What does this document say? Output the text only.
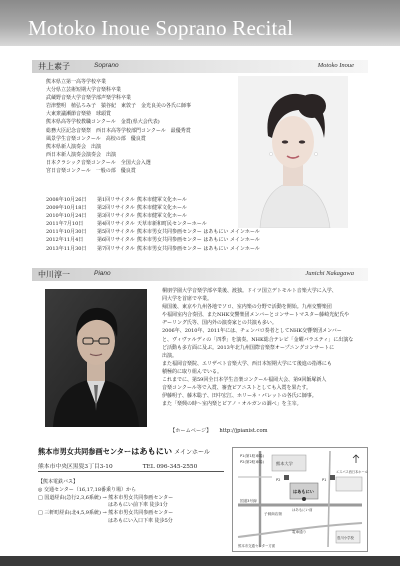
Motoko Inoue Soprano Recital
井上素子	Soprano	Motoko Inoue
熊本県立第一高等学校卒業
大分県立芸術短期大学音楽科卒業
武蔵野音楽大学音楽学部声楽学科卒業
岩津整明　植弘ろみ子　猿谷紀　東敦子　金光良美の各氏に師事
大東衆議瀬節音楽塾　球頭賞
熊本県高等学校教職コンクール　金賞(県大会代表)
総務大臣記念音楽祭　西日本高等学校部門コンクール　最優秀賞
風景学生音楽コンクール　高校の部　優良賞
熊本県新人演奏会　出演
西日本新人演奏会演奏会　出演
日本クラシック音楽コンクール　全国大会入選
宮日音楽コンクール　一般の部　優良賞
2008年10月26日	第1回リサイタル 熊本市健軍文化ホール
2009年10月18日	第2回リサイタル 熊本市健軍文化ホール
2010年10月24日	第3回リサイタル 熊本市健軍文化ホール
2011年7月10日	第4回リサイタル 天草市新和町民センターホール
2011年10月30日	第5回リサイタル 熊本市男女共同参画センター はあもにい メインホール
2012年11月4日	第6回リサイタル 熊本市男女共同参画センター はあもにい メインホール
2013年11月30日	第7回リサイタル 熊本市男女共同参画センター はあもにい メインホール
中川淳一	Piano	Junichi Nakagawa

桐朋学園大学音楽学部卒業後、渡独。ドイツ国立デトモルト音楽大学に入学、

同大学を首席で卒業。

帰国後、東京や九州各地でソロ、室内楽の分野で活動を開始。九州交響楽団

や福岡室内合奏団、またNHK交響楽団メンバーとコンサートマスター藤崎光紀氏や

ヂーリング氏等、国内外の演奏家との共演も多い。

2006年、2010年、2011年には、チェンバロ奏者としてNHK交響楽団メンバー

と、ヴィヴァルディの「四季」を演奏。NHK総合テレビ「金曜バラエティ」に出演な

ど活動も多方面に及ぶ。2013年北九州国際音楽祭オープニングコンサートに

出演。

また福岡音楽院、エリザベト音楽大学、西日本短期大学にて後進の指導にも

積極的に取り組んでいる。

これまでに、第59回全日本学生音楽コンクール福岡大会、第9回飯塚新人

音楽コンクール等で入賞、審査ピアニストとしても入賞を果たす。

伊藤明子、藤木聡子、田中宏江、ホリーネ・パレットの各氏に師事。

また「楽興の時～室内楽とピアノ・オルガンの調べ」を主宰。

【ホームページ】 http://jpianist.com
熊本市男女共同参画センターはあもにい メインホール
熊本市中央区黒髪3丁目3-10	TEL 096-345-2550
【熊本電鉄バス】
◎ 交通センター（16,17,18番乗り場）から
□ 国道経由(急行2,3,6系統) → 熊本市男女共同参画センター
　　　　　　　　　　　　　　はあもにい前下車 徒歩1分
□ 三軒町経由(北4,5,9系統) → 熊本市男女共同参画センター
　　　　　　　　　　　　　　はあもにい入口下車 徒歩5分
P1(第1駐車場)
P2(第2駐車場)	熊本大学
はあもにい
P2	P1
国道3号線
子飼商店街
電車通り
熊本市交通センター方面
エスパス西日本ホール
壺川小学校
はあもにい前
